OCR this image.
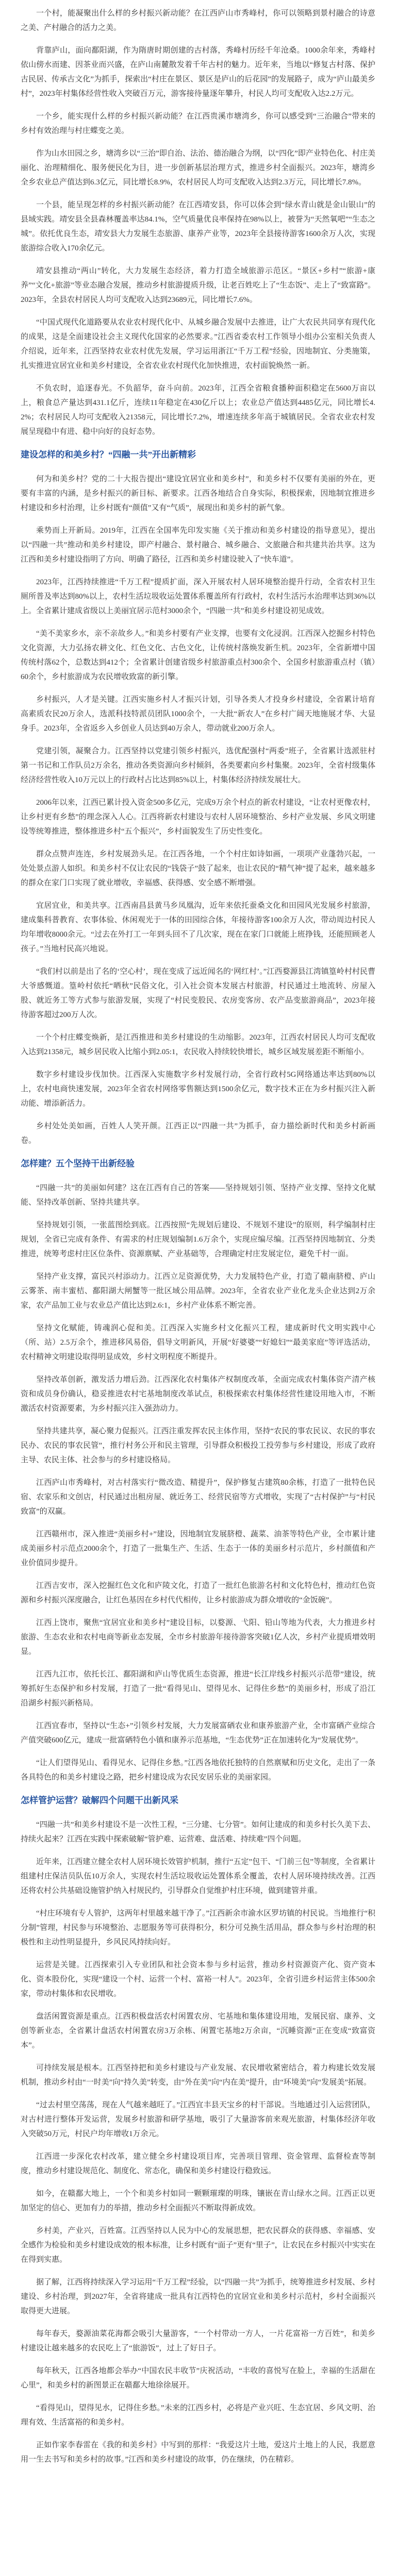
一个村，能凝聚出什么样的乡村振兴新动能？在江西庐山市秀峰村，你可以领略到景村融合的诗意之美、产村融合的活力之美。

背靠庐山，面向鄱阳湖，作为隋唐时期创建的古村落，秀峰村历经千年沧桑。1000余年来，秀峰村依山傍水而建、因茶业而兴盛，在庐山南麓散发着千年古村的魅力。近年来，当地以“修复古村落、保护古民居、传承古文化”为抓手，探索出“村庄在景区、景区是庐山的后花园”的发展路子，成为“庐山最美乡村”，2023年村集体经营性收入突破百万元，游客接待量逐年攀升，村民人均可支配收入达2.2万元。

一个乡，能实现什么样的乡村振兴新动能？在江西贵溪市塘湾乡，你可以感受到“三治融合”带来的乡村有效治理与村庄蝶变之美。

作为山水田园之乡，塘湾乡以“三治”即自治、法治、德治融合为纲，以“四化”即产业特色化、村庄美丽化、治理精细化、服务便民化为目，进一步创新基层治理方式，推进乡村全面振兴。2023年，塘湾乡全乡农业总产值达到6.3亿元，同比增长8.9%，农村居民人均可支配收入达到2.3万元，同比增长7.8%。

一个县，能呈现怎样的乡村振兴新动能？在江西靖安县，你可以体会到“绿水青山就是金山银山”的县域实践。靖安县全县森林覆盖率达84.1%，空气质量优良率保持在98%以上，被誉为“天然氧吧”“生态之城”。依托优良生态，靖安县大力发展生态旅游、康养产业等，2023年全县接待游客1600余万人次，实现旅游综合收入170余亿元。

靖安县推动“两山”转化，大力发展生态经济，着力打造全域旅游示范区。“景区+乡村”“旅游+康养”“文化+旅游”等业态融合发展，推动乡村旅游提质升级，让老百姓吃上了“生态饭”、走上了“致富路”。2023年，全县农村居民人均可支配收入达到23689元，同比增长7.6%。

“中国式现代化道路要从农业农村现代化中、从城乡融合发展中去推进，让广大农民共同享有现代化的成果，这是全面建设社会主义现代化国家的必然要求。”江西省委农村工作领导小组办公室相关负责人介绍说，近年来，江西坚持农业农村优先发展，学习运用浙江“千万工程”经验，因地制宜、分类施策，扎实推进宜居宜业和美乡村建设，全省农业农村现代化加快推进，农村面貌焕然一新。

不负农时，追逐春光。不负韶华，奋斗向前。2023年，江西全省粮食播种面积稳定在5600万亩以上，粮食总产量达到431.1亿斤，连续11年稳定在430亿斤以上；农业总产值达到4485亿元，同比增长4.2%；农村居民人均可支配收入21358元，同比增长7.2%，增速连续多年高于城镇居民。全省农业农村发展呈现稳中有进、稳中向好的良好态势。

建设怎样的和美乡村？“四融一共”开出新精彩

何为和美乡村？党的二十大报告提出“建设宜居宜业和美乡村”，和美乡村不仅要有美丽的外在，更要有丰富的内涵，是乡村振兴的新目标、新要求。江西各地结合自身实际，积极探索，因地制宜推进乡村建设和乡村治理，让乡村既有“颜值”又有“气质”，展现出和美乡村的新气象。

乘势而上开新局。2019年，江西在全国率先印发实施《关于推动和美乡村建设的指导意见》，提出以“四融一共”推动和美乡村建设，即产村融合、景村融合、城乡融合、文旅融合和共建共治共享。这为江西和美乡村建设指明了方向、明确了路径，江西和美乡村建设驶入了“快车道”。

2023年，江西持续推进“千万工程”提质扩面，深入开展农村人居环境整治提升行动，全省农村卫生厕所普及率达到80%以上，农村生活垃圾收运处置体系覆盖所有行政村，农村生活污水治理率达到36%以上。全省累计建成省级以上美丽宜居示范村3000余个，“四融一共”和美乡村建设初见成效。

“美不美家乡水，亲不亲故乡人。”和美乡村要有产业支撑，也要有文化浸润。江西深入挖掘乡村特色文化资源，大力弘扬农耕文化、红色文化、古色文化，让传统村落焕发新生机。2023年，全省新增中国传统村落62个，总数达到412个；全省累计创建省级乡村旅游重点村300余个、全国乡村旅游重点村（镇）60余个，乡村旅游成为农民增收致富的新引擎。

乡村振兴，人才是关键。江西实施乡村人才振兴计划，引导各类人才投身乡村建设，全省累计培育高素质农民20万余人，选派科技特派员团队1000余个，一大批“新农人”在乡村广阔天地施展才华、大显身手。2023年，全省返乡入乡创业人员达到40万余人，带动就业200万余人。

党建引领，凝聚合力。江西坚持以党建引领乡村振兴，选优配强村“两委”班子，全省累计选派驻村第一书记和工作队员2万余名，推动各类资源向乡村倾斜，各类要素向乡村集聚。2023年，全省村级集体经济经营性收入10万元以上的行政村占比达到85%以上，村集体经济持续发展壮大。

2006年以来，江西已累计投入资金500多亿元，完成9万余个村点的新农村建设，“让农村更像农村，让乡村更有乡愁”的理念深入人心。江西将新农村建设与农村人居环境整治、乡村产业发展、乡风文明建设等统筹推进，整体推进乡村“五个振兴”，乡村面貌发生了历史性变化。

群众点赞声连连，乡村发展劲头足。在江西各地，一个个村庄如诗如画，一项项产业蓬勃兴起，一处处景点游人如织。和美乡村不仅让农民的“钱袋子”鼓了起来，也让农民的“精气神”提了起来，越来越多的群众在家门口实现了就业增收，幸福感、获得感、安全感不断增强。

宜居宜业，和美共享。江西南昌县黄马乡凤凰沟，近年来依托蚕桑文化和田园风光发展乡村旅游，建成集科普教育、农事体验、休闲观光于一体的田园综合体，年接待游客100余万人次，带动周边村民人均年增收8000余元。“过去在外打工一年到头回不了几次家，现在在家门口就能上班挣钱，还能照顾老人孩子。”当地村民高兴地说。

“我们村以前是出了名的‘空心村’，现在变成了远近闻名的‘网红村’。”江西婺源县江湾镇篁岭村村民曹大爷感慨道。篁岭村依托“晒秋”民俗文化，引入社会资本发展古村旅游，村民通过土地流转、房屋入股、就近务工等方式参与旅游发展，实现了“村民变股民、农房变客房、农产品变旅游商品”，2023年接待游客超过200万人次。

一个个村庄蝶变焕新，是江西推进和美乡村建设的生动缩影。2023年，江西农村居民人均可支配收入达到21358元，城乡居民收入比缩小到2.05:1，农民收入持续较快增长，城乡区域发展差距不断缩小。

数字乡村建设步伐加快。江西深入实施数字乡村发展行动，全省行政村5G网络通达率达到80%以上，农村电商快速发展，2023年全省农村网络零售额达到1500余亿元，数字技术正在为乡村振兴注入新动能、增添新活力。

乡村处处美如画，百姓人人笑开颜。江西正以“四融一共”为抓手，奋力描绘新时代和美乡村新画卷。

怎样建？五个坚持干出新经验

“四融一共”的美丽如何建？这在江西有自己的答案——坚持规划引领、坚持产业支撑、坚持文化赋能、坚持改革创新、坚持共建共享。

坚持规划引领，一张蓝图绘到底。江西按照“先规划后建设、不规划不建设”的原则，科学编制村庄规划，全省已完成有条件、有需求的村庄规划编制1.6万余个，实现应编尽编。江西坚持因地制宜、分类推进，统筹考虑村庄区位条件、资源禀赋、产业基础等，合理确定村庄发展定位，避免千村一面。

坚持产业支撑，富民兴村添动力。江西立足资源优势，大力发展特色产业，打造了赣南脐橙、庐山云雾茶、南丰蜜桔、鄱阳湖大闸蟹等一批区域公用品牌。2023年，全省农业产业化龙头企业达到2万余家，农产品加工业与农业总产值比达到2.6:1，乡村产业体系不断完善。

坚持文化赋能，铸魂润心促和美。江西深入实施乡村文化振兴工程，建成新时代文明实践中心（所、站）2.5万余个，推进移风易俗，倡导文明新风，开展“好婆婆”“好媳妇”“最美家庭”等评选活动，农村精神文明建设取得明显成效，乡村文明程度不断提升。

坚持改革创新，激发活力增后劲。江西深化农村集体产权制度改革，全面完成农村集体资产清产核资和成员身份确认，稳妥推进农村宅基地制度改革试点，积极探索农村集体经营性建设用地入市，不断激活农村资源要素，为乡村振兴注入强劲动力。

坚持共建共享，凝心聚力促振兴。江西注重发挥农民主体作用，坚持“农民的事农民议、农民的事农民办、农民的事农民管”，推行村务公开和民主管理，引导群众积极投工投劳参与乡村建设，形成了政府主导、农民主体、社会参与的乡村建设格局。

江西庐山市秀峰村，对古村落实行“微改造、精提升”，保护修复古建筑80余栋，打造了一批特色民宿、农家乐和文创店，村民通过出租房屋、就近务工、经营民宿等方式增收，实现了“古村保护”与“村民致富”的双赢。

江西赣州市，深入推进“美丽乡村+”建设，因地制宜发展脐橙、蔬菜、油茶等特色产业，全市累计建成美丽乡村示范点2000余个，打造了一批集生产、生活、生态于一体的美丽乡村示范片，乡村颜值和产业价值同步提升。

江西吉安市，深入挖掘红色文化和庐陵文化，打造了一批红色旅游名村和文化特色村，推动红色资源和乡村振兴深度融合，让红色基因在乡村代代相传，让乡村旅游成为群众增收的“金饭碗”。

江西上饶市，聚焦“宜居宜业和美乡村”建设目标，以婺源、弋阳、铅山等地为代表，大力推进乡村旅游、生态农业和农村电商等新业态发展，全市乡村旅游年接待游客突破1亿人次，乡村产业提质增效明显。

江西九江市，依托长江、鄱阳湖和庐山等优质生态资源，推进“长江岸线乡村振兴示范带”建设，统筹抓好生态保护和乡村发展，打造了一批“看得见山、望得见水、记得住乡愁”的美丽乡村，形成了沿江沿湖乡村振兴新格局。

江西宜春市，坚持以“生态+”引领乡村发展，大力发展富硒农业和康养旅游产业，全市富硒产业综合产值突破600亿元，建成一批富硒特色小镇和康养示范基地，“生态优势”正在加速转化为“发展优势”。

“让人们望得见山、看得见水、记得住乡愁。”江西各地依托独特的自然禀赋和历史文化，走出了一条各具特色的和美乡村建设之路，把乡村建设成为农民安居乐业的美丽家园。

怎样管护运营？破解四个问题干出新风采

“四融一共”和美乡村建设不是一次性工程，“三分建、七分管”。如何让建成的和美乡村长久美下去、持续火起来？江西在实践中探索破解“管护难、运营难、盘活难、持续难”四个问题。

近年来，江西建立健全农村人居环境长效管护机制，推行“五定”包干、“门前三包”等制度，全省累计组建村庄保洁员队伍10万余人，实现农村生活垃圾收运处置体系全覆盖，农村人居环境持续改善。江西还将农村公共基础设施管护纳入村规民约，引导群众自觉维护村庄环境，做到建管并重。

“村庄环境有专人管护，这两年村里越来越干净了。”江西新余市渝水区罗坊镇的村民说。当地推行“积分制”管理，村民参与环境整治、志愿服务等可获得积分，积分可兑换生活用品，群众参与乡村治理的积极性和主动性明显提升，乡风民风持续向好。

运营是关键。江西探索引入专业团队和社会资本参与乡村运营，推动乡村资源资产化、资产资本化、资本股份化，实现“建设一个村、运营一个村、富裕一村人”。2023年，全省引进乡村运营主体500余家，带动村集体和农民增收。

盘活闲置资源是重点。江西积极盘活农村闲置农房、宅基地和集体建设用地，发展民宿、康养、文创等新业态，全省累计盘活农村闲置农房3万余栋、闲置宅基地2万余亩，“沉睡资源”正在变成“致富资本”。

可持续发展是根本。江西坚持把和美乡村建设与产业发展、农民增收紧密结合，着力构建长效发展机制，推动乡村由“一时美”向“持久美”转变，由“外在美”向“内在美”提升，由“环境美”向“发展美”拓展。

“过去村里空荡荡，现在人气越来越旺了。”江西宜丰县天宝乡的村干部说。当地通过引入运营团队，对古村进行整体开发运营，发展乡村旅游和研学基地，吸引了大量游客前来观光旅游，村集体经济年收入突破50万元，村民户均年增收1万余元。

江西进一步深化农村改革，建立健全乡村建设项目库，完善项目管理、资金管理、监督检查等制度，推动乡村建设规范化、制度化、常态化，确保和美乡村建设行稳致远。

如今，在赣鄱大地上，一个个和美乡村如同一颗颗璀璨的明珠，镶嵌在青山绿水之间。江西正以更加坚定的信心、更加有力的举措，推动乡村全面振兴不断取得新成效。

乡村美，产业兴，百姓富。江西坚持以人民为中心的发展思想，把农民群众的获得感、幸福感、安全感作为检验和美乡村建设成效的根本标准，让乡村既有“面子”更有“里子”，让农民在乡村振兴中实实在在得到实惠。

据了解，江西将持续深入学习运用“千万工程”经验，以“四融一共”为抓手，统筹推进乡村发展、乡村建设、乡村治理，到2027年，全省将建成一批具有江西特色的宜居宜业和美乡村示范村，乡村全面振兴取得更大进展。

每年春天，婺源油菜花海都会吸引大量游客，“一个村带动一方人，一片花富裕一方百姓”，和美乡村建设让越来越多的农民吃上了“旅游饭”，过上了好日子。

每年秋天，江西各地都会举办“中国农民丰收节”庆祝活动，“丰收的喜悦写在脸上，幸福的生活甜在心里”，和美乡村的新图景正在赣鄱大地徐徐展开。

“看得见山，望得见水，记得住乡愁。”未来的江西乡村，必将是产业兴旺、生态宜居、乡风文明、治理有效、生活富裕的和美乡村。

正如作家李春雷在《我的和美乡村》中写到的那样：“我爱这片土地，爱这片土地上的人民，我愿意用一生去书写和美乡村的故事。”江西和美乡村建设的故事，仍在继续，仍在精彩。
